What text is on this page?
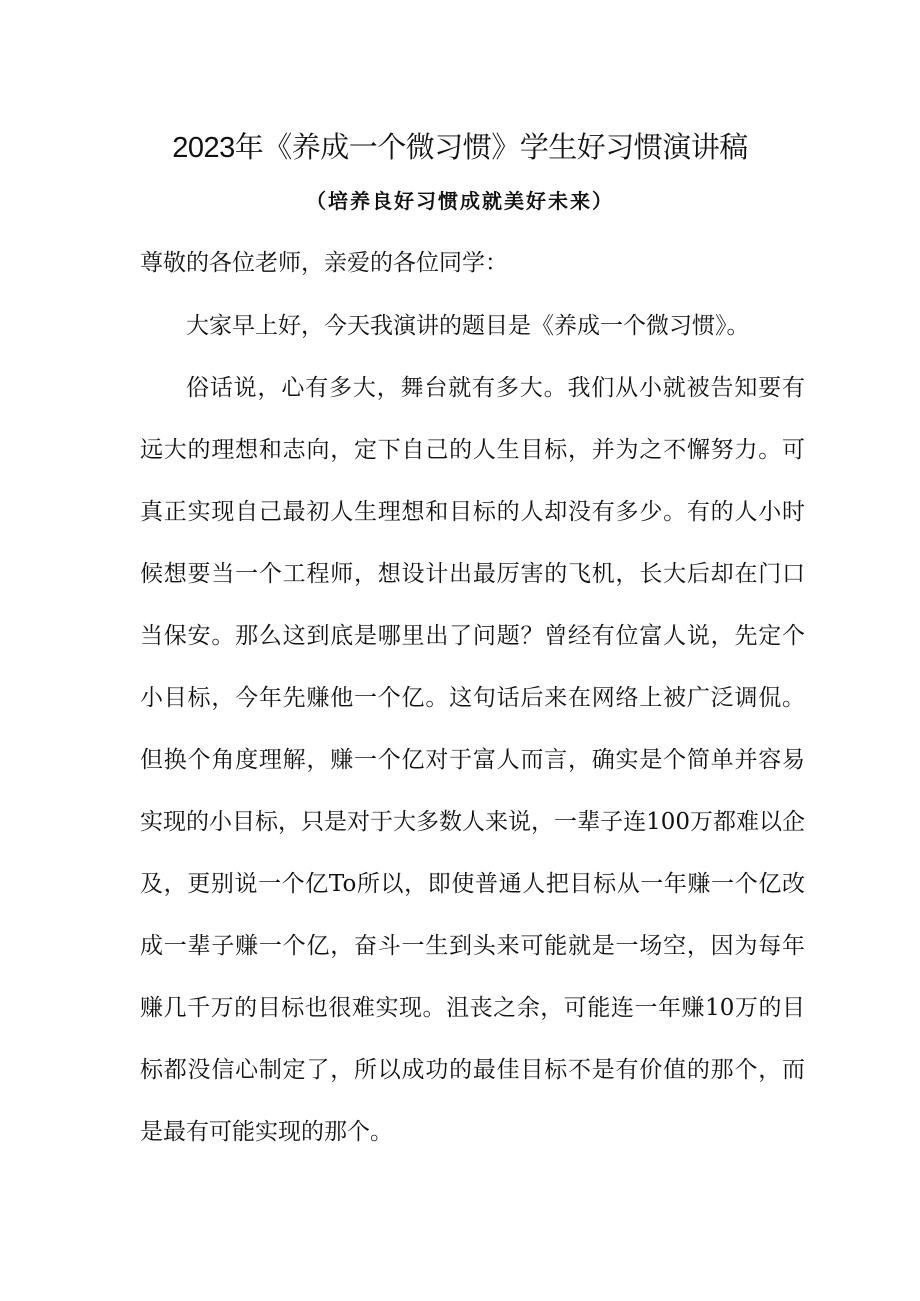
2023年《养成一个微习惯》学生好习惯演讲稿
（培养良好习惯成就美好未来）
尊敬的各位老师，亲爱的各位同学：
大家早上好，今天我演讲的题目是《养成一个微习惯》。
俗话说，心有多大，舞台就有多大。我们从小就被告知要有远大的理想和志向，定下自己的人生目标，并为之不懈努力。可真正实现自己最初人生理想和目标的人却没有多少。有的人小时候想要当一个工程师，想设计出最厉害的飞机，长大后却在门口当保安。那么这到底是哪里出了问题？曾经有位富人说，先定个小目标，今年先赚他一个亿。这句话后来在网络上被广泛调侃。但换个角度理解，赚一个亿对于富人而言，确实是个简单并容易实现的小目标，只是对于大多数人来说，一辈子连100万都难以企及，更别说一个亿To所以，即使普通人把目标从一年赚一个亿改成一辈子赚一个亿，奋斗一生到头来可能就是一场空，因为每年赚几千万的目标也很难实现。沮丧之余，可能连一年赚10万的目标都没信心制定了，所以成功的最佳目标不是有价值的那个，而是最有可能实现的那个。
